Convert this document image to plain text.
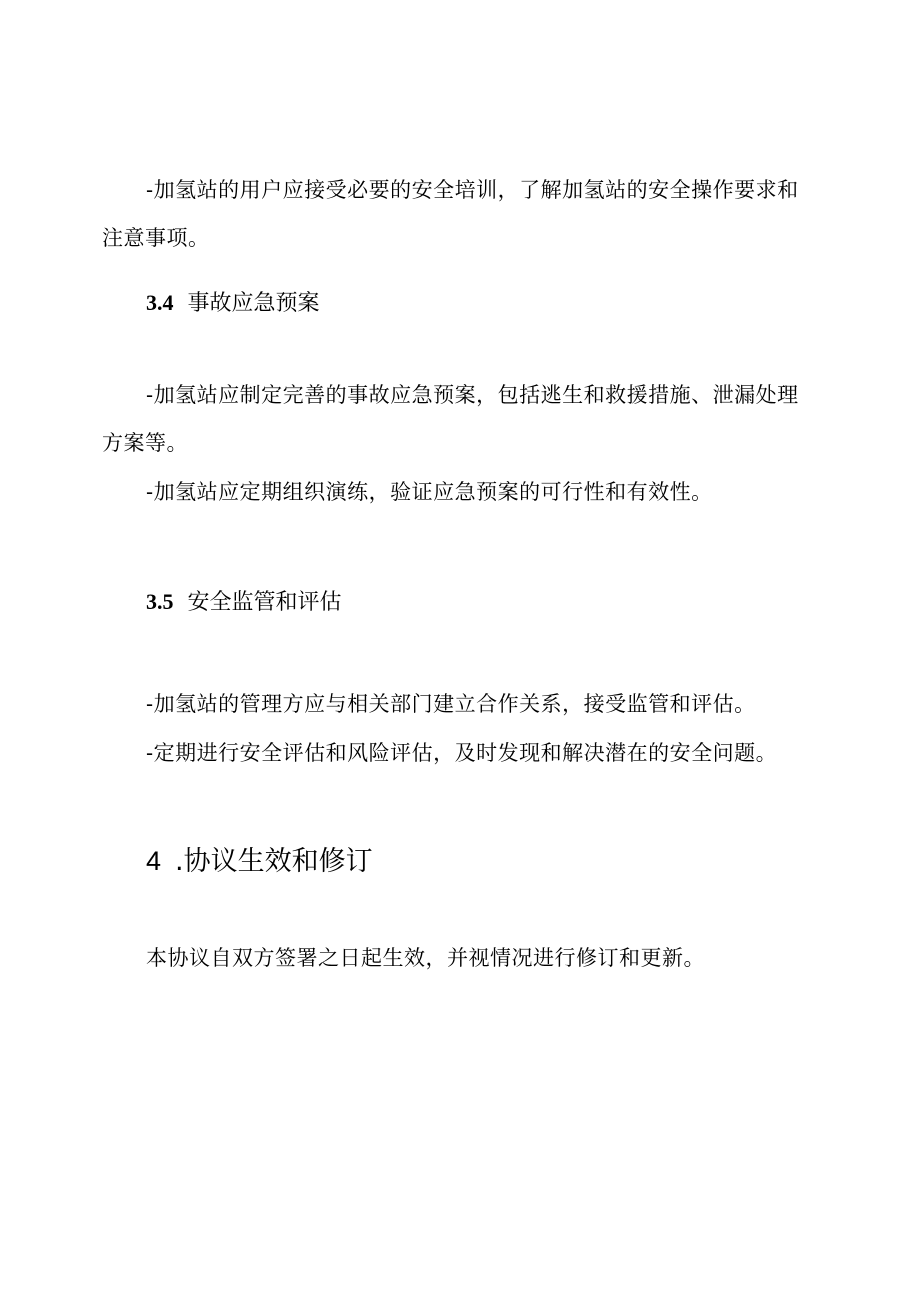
-加氢站的用户应接受必要的安全培训，了解加氢站的安全操作要求和
注意事项。
3.4 事故应急预案
-加氢站应制定完善的事故应急预案，包括逃生和救援措施、泄漏处理
方案等。
-加氢站应定期组织演练，验证应急预案的可行性和有效性。
3.5 安全监管和评估
-加氢站的管理方应与相关部门建立合作关系，接受监管和评估。
-定期进行安全评估和风险评估，及时发现和解决潜在的安全问题。
4 .协议生效和修订
本协议自双方签署之日起生效，并视情况进行修订和更新。
